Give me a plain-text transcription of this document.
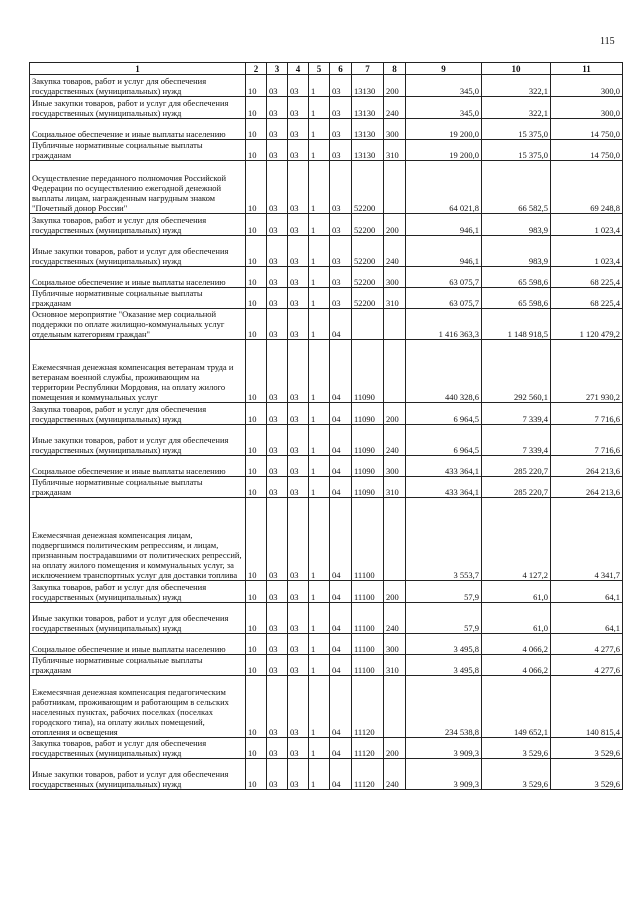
115
1	2	3	4	5	6	7	8	9	10	11
Закупка товаров, работ и услуг для обеспечения государственных (муниципальных) нужд	10	03	03	1	03	13130	200	345,0	322,1	300,0
Иные закупки товаров, работ и услуг для обеспечения государственных (муниципальных) нужд	10	03	03	1	03	13130	240	345,0	322,1	300,0
Социальное обеспечение и иные выплаты населению	10	03	03	1	03	13130	300	19 200,0	15 375,0	14 750,0
Публичные нормативные социальные выплаты гражданам	10	03	03	1	03	13130	310	19 200,0	15 375,0	14 750,0
Осуществление переданного полномочия Российской Федерации по осуществлению ежегодной денежной выплаты лицам, награжденным нагрудным знаком "Почетный донор России"	10	03	03	1	03	52200		64 021,8	66 582,5	69 248,8
Закупка товаров, работ и услуг для обеспечения государственных (муниципальных) нужд	10	03	03	1	03	52200	200	946,1	983,9	1 023,4
Иные закупки товаров, работ и услуг для обеспечения государственных (муниципальных) нужд	10	03	03	1	03	52200	240	946,1	983,9	1 023,4
Социальное обеспечение и иные выплаты населению	10	03	03	1	03	52200	300	63 075,7	65 598,6	68 225,4
Публичные нормативные социальные выплаты гражданам	10	03	03	1	03	52200	310	63 075,7	65 598,6	68 225,4
Основное мероприятие "Оказание мер социальной поддержки по оплате жилищно-коммунальных услуг отдельным категориям граждан"	10	03	03	1	04			1 416 363,3	1 148 918,5	1 120 479,2
Ежемесячная денежная компенсация ветеранам труда и ветеранам военной службы, проживающим на территории Республики Мордовия, на оплату жилого помещения и коммунальных услуг	10	03	03	1	04	11090		440 328,6	292 560,1	271 930,2
Закупка товаров, работ и услуг для обеспечения государственных (муниципальных) нужд	10	03	03	1	04	11090	200	6 964,5	7 339,4	7 716,6
Иные закупки товаров, работ и услуг для обеспечения государственных (муниципальных) нужд	10	03	03	1	04	11090	240	6 964,5	7 339,4	7 716,6
Социальное обеспечение и иные выплаты населению	10	03	03	1	04	11090	300	433 364,1	285 220,7	264 213,6
Публичные нормативные социальные выплаты гражданам	10	03	03	1	04	11090	310	433 364,1	285 220,7	264 213,6
Ежемесячная денежная компенсация лицам, подвергшимся политическим репрессиям, и лицам, признанным пострадавшими от политических репрессий, на оплату жилого помещения и коммунальных услуг, за исключением транспортных услуг для доставки топлива	10	03	03	1	04	11100		3 553,7	4 127,2	4 341,7
Закупка товаров, работ и услуг для обеспечения государственных (муниципальных) нужд	10	03	03	1	04	11100	200	57,9	61,0	64,1
Иные закупки товаров, работ и услуг для обеспечения государственных (муниципальных) нужд	10	03	03	1	04	11100	240	57,9	61,0	64,1
Социальное обеспечение и иные выплаты населению	10	03	03	1	04	11100	300	3 495,8	4 066,2	4 277,6
Публичные нормативные социальные выплаты гражданам	10	03	03	1	04	11100	310	3 495,8	4 066,2	4 277,6
Ежемесячная денежная компенсация педагогическим работникам, проживающим и работающим в сельских населенных пунктах, рабочих поселках (поселках городского типа), на оплату жилых помещений, отопления и освещения	10	03	03	1	04	11120		234 538,8	149 652,1	140 815,4
Закупка товаров, работ и услуг для обеспечения государственных (муниципальных) нужд	10	03	03	1	04	11120	200	3 909,3	3 529,6	3 529,6
Иные закупки товаров, работ и услуг для обеспечения государственных (муниципальных) нужд	10	03	03	1	04	11120	240	3 909,3	3 529,6	3 529,6
